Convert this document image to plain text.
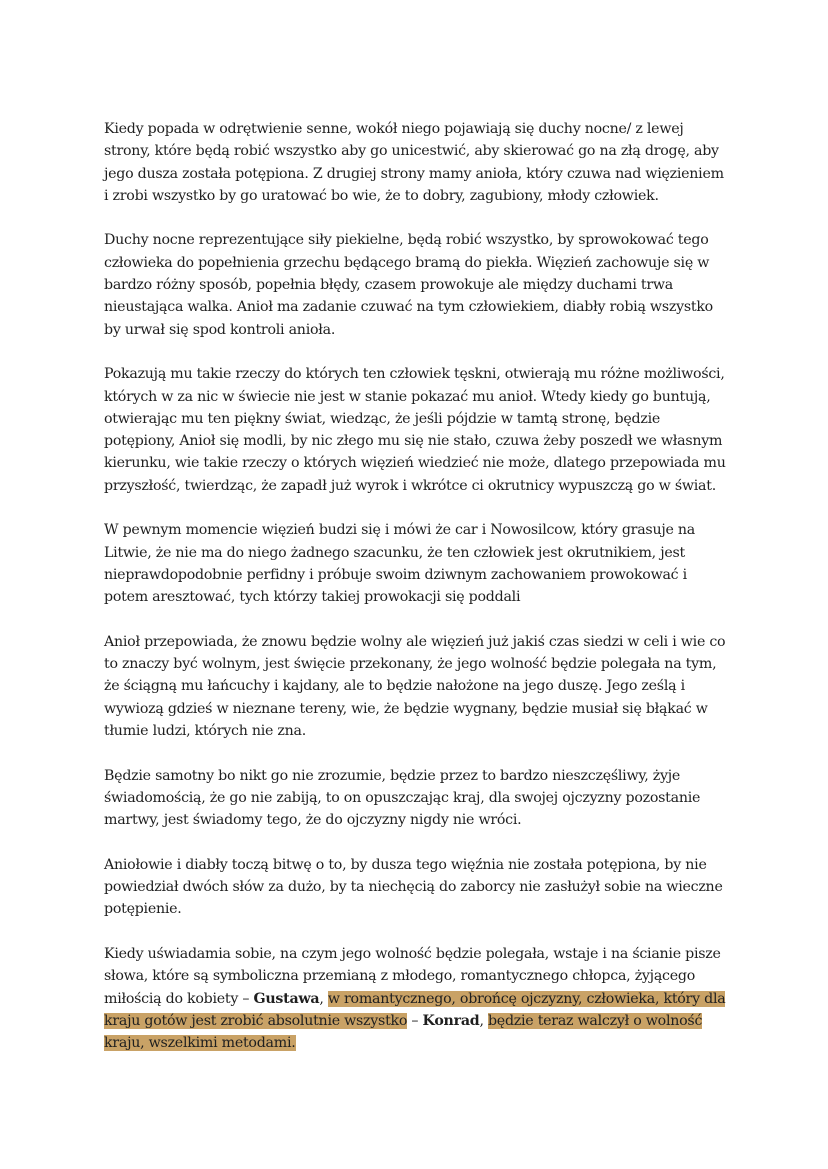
Kiedy popada w odrętwienie senne, wokół niego pojawiają się duchy nocne/ z lewej strony, które będą robić wszystko aby go unicestwić, aby skierować go na złą drogę, aby jego dusza została potępiona. Z drugiej strony mamy anioła, który czuwa nad więzieniem i zrobi wszystko by go uratować bo wie, że to dobry, zagubiony, młody człowiek.

Duchy nocne reprezentujące siły piekielne, będą robić wszystko, by sprowokować tego człowieka do popełnienia grzechu będącego bramą do piekła. Więzień zachowuje się w bardzo różny sposób, popełnia błędy, czasem prowokuje ale między duchami trwa nieustająca walka. Anioł ma zadanie czuwać na tym człowiekiem, diabły robią wszystko by urwał się spod kontroli anioła.

Pokazują mu takie rzeczy do których ten człowiek tęskni, otwierają mu różne możliwości, których w za nic w świecie nie jest w stanie pokazać mu anioł. Wtedy kiedy go buntują, otwierając mu ten piękny świat, wiedząc, że jeśli pójdzie w tamtą stronę, będzie potępiony, Anioł się modli, by nic złego mu się nie stało, czuwa żeby poszedł we własnym kierunku, wie takie rzeczy o których więzień wiedzieć nie może, dlatego przepowiada mu przyszłość, twierdząc, że zapadł już wyrok i wkrótce ci okrutnicy wypuszczą go w świat.

W pewnym momencie więzień budzi się i mówi że car i Nowosilcow, który grasuje na Litwie, że nie ma do niego żadnego szacunku, że ten człowiek jest okrutnikiem, jest nieprawdopodobnie perfidny i próbuje swoim dziwnym zachowaniem prowokować i potem aresztować, tych którzy takiej prowokacji się poddali

Anioł przepowiada, że znowu będzie wolny ale więzień już jakiś czas siedzi w celi i wie co to znaczy być wolnym, jest święcie przekonany, że jego wolność będzie polegała na tym, że ściągną mu łańcuchy i kajdany, ale to będzie nałożone na jego duszę. Jego ześlą i wywiozą gdzieś w nieznane tereny, wie, że będzie wygnany, będzie musiał się błąkać w tłumie ludzi, których nie zna.

Będzie samotny bo nikt go nie zrozumie, będzie przez to bardzo nieszczęśliwy, żyje świadomością, że go nie zabiją, to on opuszczając kraj, dla swojej ojczyzny pozostanie martwy, jest świadomy tego, że do ojczyzny nigdy nie wróci.

Aniołowie i diabły toczą bitwę o to, by dusza tego więźnia nie została potępiona, by nie powiedział dwóch słów za dużo, by ta niechęcią do zaborcy nie zasłużył sobie na wieczne potępienie.

Kiedy uświadamia sobie, na czym jego wolność będzie polegała, wstaje i na ścianie pisze słowa, które są symboliczna przemianą z młodego, romantycznego chłopca, żyjącego miłością do kobiety – Gustawa, w romantycznego, obrońcę ojczyzny, człowieka, który dla kraju gotów jest zrobić absolutnie wszystko – Konrad, będzie teraz walczył o wolność kraju, wszelkimi metodami.
